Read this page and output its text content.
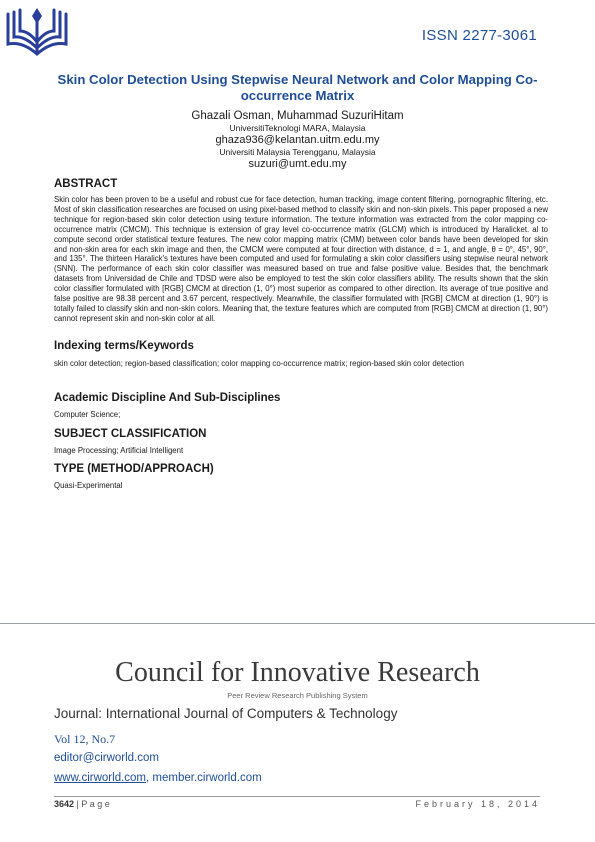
ISSN 2277-3061
Skin Color Detection Using Stepwise Neural Network and Color Mapping Co-occurrence Matrix
Ghazali Osman, Muhammad SuzuriHitam
UniversitiTeknologi MARA, Malaysia
ghaza936@kelantan.uitm.edu.my
Universiti Malaysia Terengganu, Malaysia
suzuri@umt.edu.my

ABSTRACT

Skin color has been proven to be a useful and robust cue for face detection, human tracking, image content filtering, pornographic filtering, etc. Most of skin classification researches are focused on using pixel-based method to classify skin and non-skin pixels. This paper proposed a new technique for region-based skin color detection using texture information. The texture information was extracted from the color mapping co-occurrence matrix (CMCM). This technique is extension of gray level co-occurrence matrix (GLCM) which is introduced by Haralicket. al to compute second order statistical texture features. The new color mapping matrix (CMM) between color bands have been developed for skin and non-skin area for each skin image and then, the CMCM were computed at four direction with distance, d = 1, and angle, θ = 0°, 45°, 90°, and 135°. The thirteen Haralick's textures have been computed and used for formulating a skin color classifiers using stepwise neural network (SNN). The performance of each skin color classifier was measured based on true and false positive value. Besides that, the benchmark datasets from Universidad de Chile and TDSD were also be employed to test the skin color classifiers ability. The results shown that the skin color classifier formulated with [RGB] CMCM at direction (1, 0°) most superior as compared to other direction. Its average of true positive and false positive are 98.38 percent and 3.67 percent, respectively. Meanwhile, the classifier formulated with [RGB] CMCM at direction (1, 90°) is totally failed to classify skin and non-skin colors. Meaning that, the texture features which are computed from [RGB] CMCM at direction (1, 90°) cannot represent skin and non-skin color at all.

Indexing terms/Keywords

skin color detection; region-based classification; color mapping co-occurrence matrix; region-based skin color detection

Academic Discipline And Sub-Disciplines

Computer Science;

SUBJECT CLASSIFICATION

Image Processing; Artificial Intelligent

TYPE (METHOD/APPROACH)

Quasi-Experimental

Council for Innovative Research
Peer Review Research Publishing System
Journal: International Journal of Computers & Technology
Vol 12, No.7
editor@cirworld.com
www.cirworld.com, member.cirworld.com
3642 | P a g e	February 18, 2014
